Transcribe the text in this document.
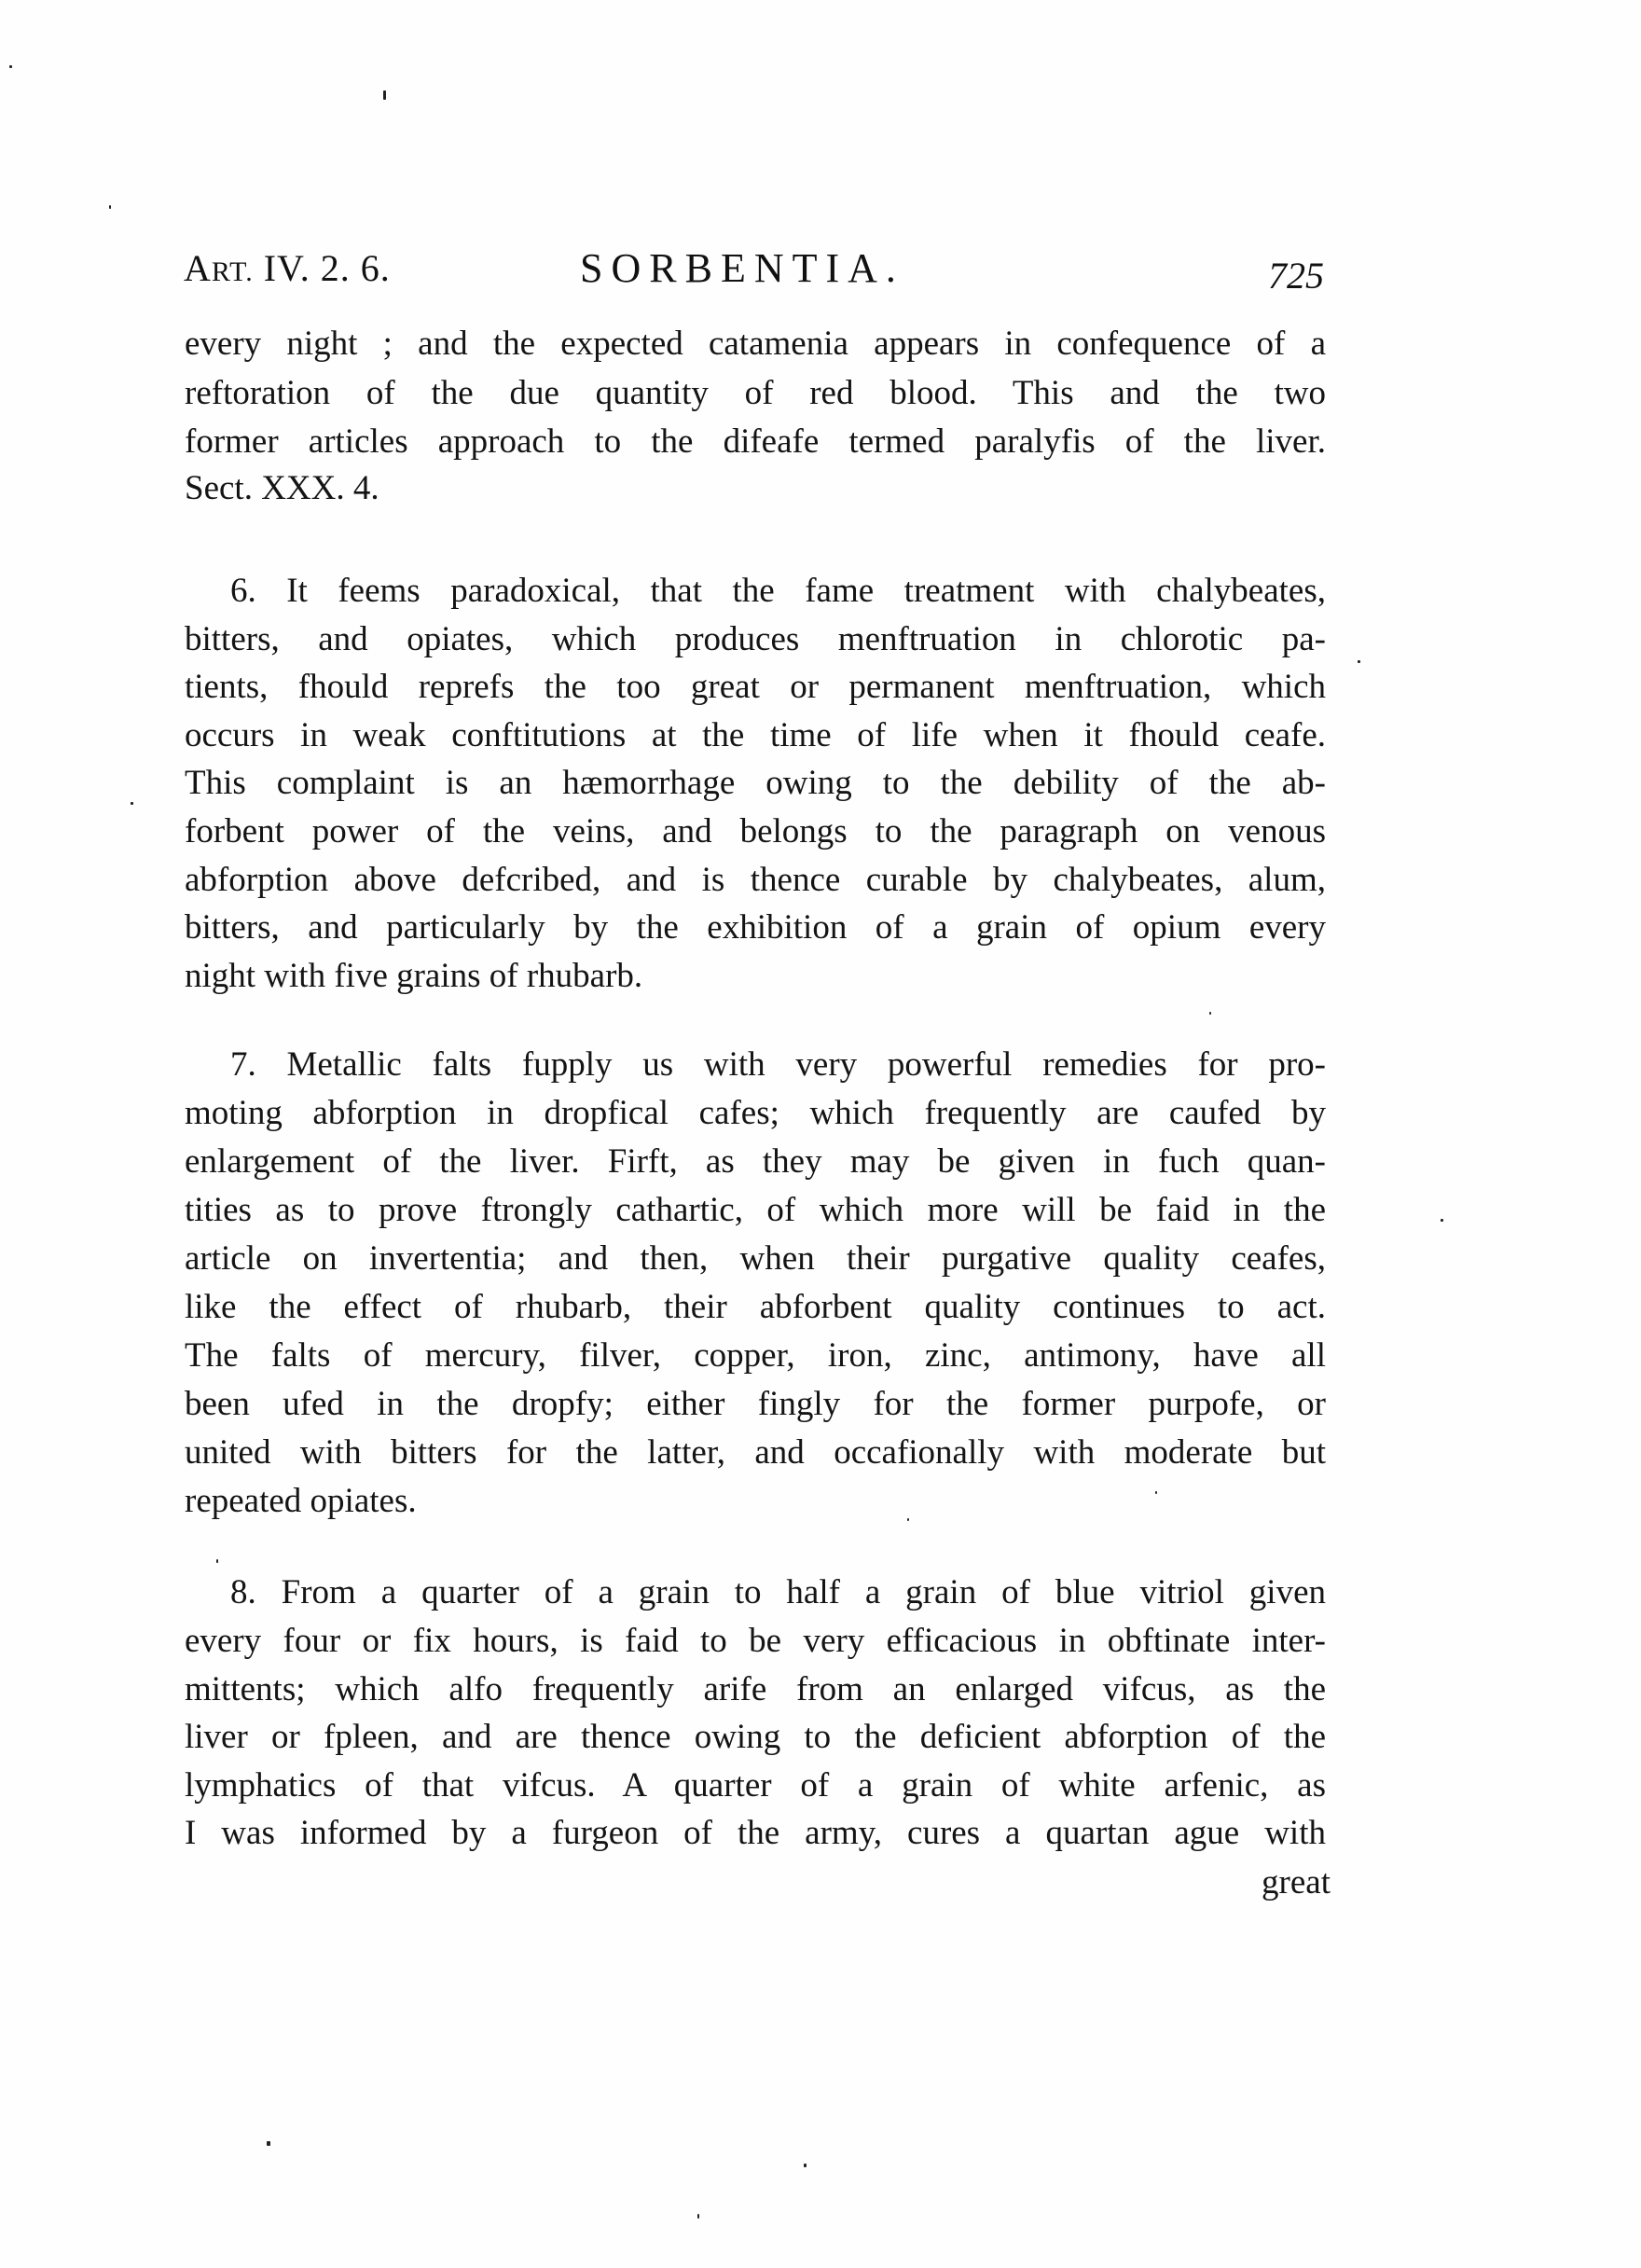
ART. IV. 2. 6.	SORBENTIA.	725
every night ; and the expected catamenia appears in confequence of a
reftoration of the due quantity of red blood. This and the two
former articles approach to the difeafe termed paralyfis of the liver.
Sect. XXX. 4.
6. It feems paradoxical, that the fame treatment with chalybeates,
bitters, and opiates, which produces menftruation in chlorotic pa-
tients, fhould reprefs the too great or permanent menftruation, which
occurs in weak conftitutions at the time of life when it fhould ceafe.
This complaint is an hæmorrhage owing to the debility of the ab-
forbent power of the veins, and belongs to the paragraph on venous
abforption above defcribed, and is thence curable by chalybeates, alum,
bitters, and particularly by the exhibition of a grain of opium every
night with five grains of rhubarb.
7. Metallic falts fupply us with very powerful remedies for pro-
moting abforption in dropfical cafes; which frequently are caufed by
enlargement of the liver. Firft, as they may be given in fuch quan-
tities as to prove ftrongly cathartic, of which more will be faid in the
article on invertentia; and then, when their purgative quality ceafes,
like the effect of rhubarb, their abforbent quality continues to act.
The falts of mercury, filver, copper, iron, zinc, antimony, have all
been ufed in the dropfy; either fingly for the former purpofe, or
united with bitters for the latter, and occafionally with moderate but
repeated opiates.
8. From a quarter of a grain to half a grain of blue vitriol given
every four or fix hours, is faid to be very efficacious in obftinate inter-
mittents; which alfo frequently arife from an enlarged vifcus, as the
liver or fpleen, and are thence owing to the deficient abforption of the
lymphatics of that vifcus. A quarter of a grain of white arfenic, as
I was informed by a furgeon of the army, cures a quartan ague with
great
